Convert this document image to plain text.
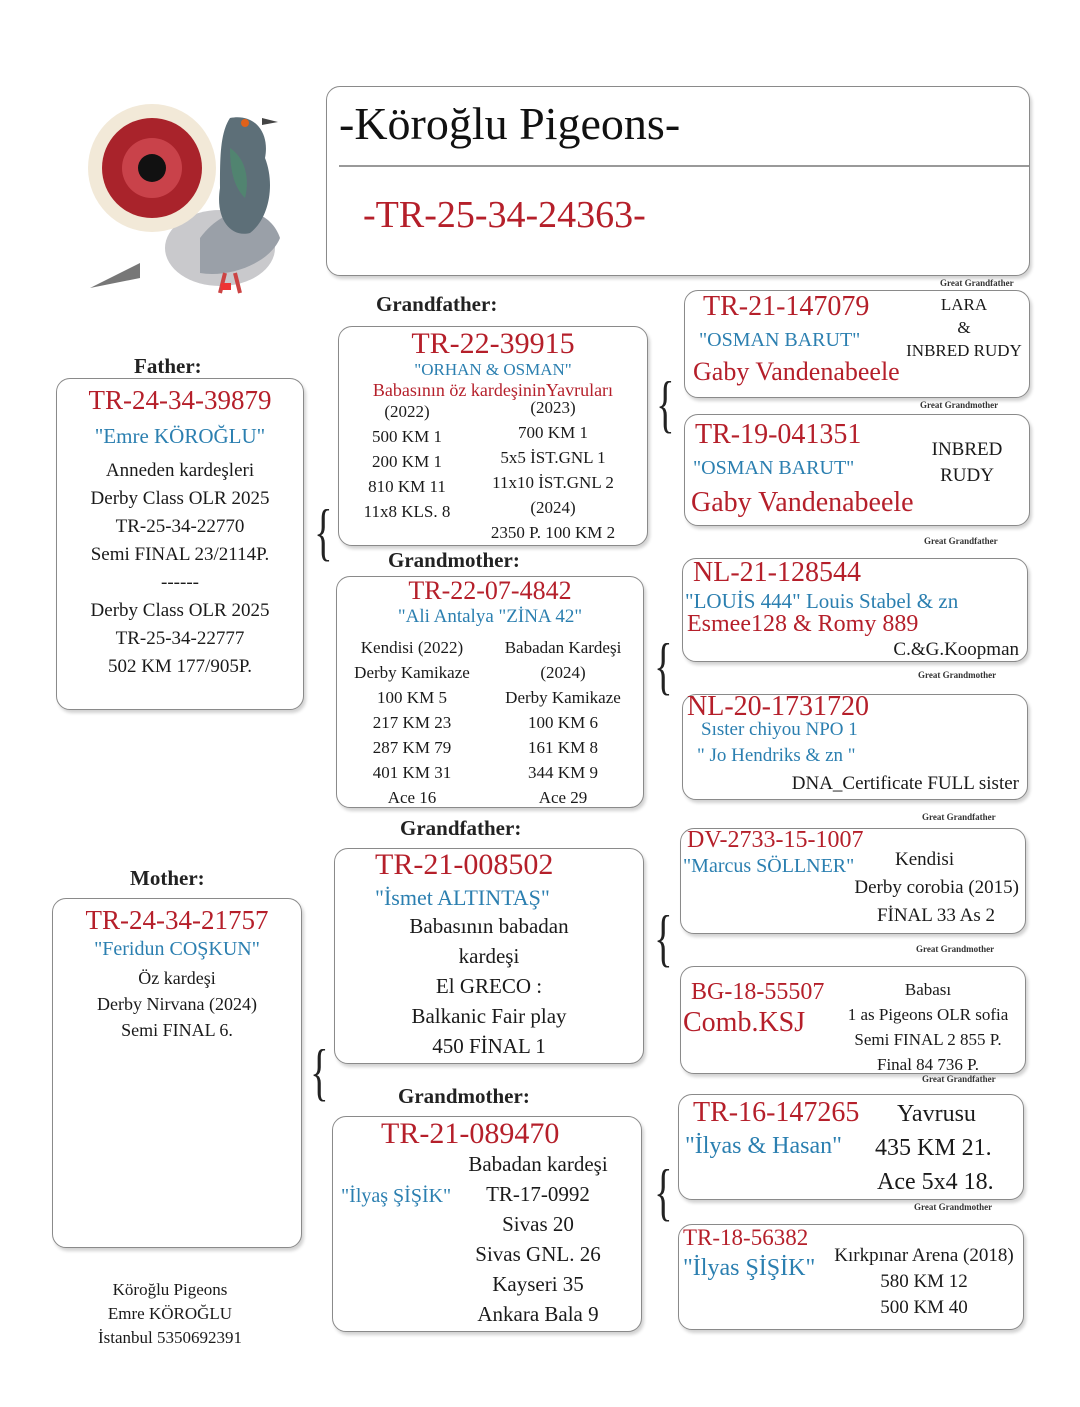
-Köroğlu Pigeons-
-TR-25-34-24363-
Father:
TR-24-34-39879
"Emre KÖROĞLU"
Anneden kardeşleri
Derby Class OLR 2025
TR-25-34-22770
Semi FINAL 23/2114P.
------
Derby Class OLR 2025
TR-25-34-22777
502 KM 177/905P.
Mother:
TR-24-34-21757
"Feridun COŞKUN"
Öz kardeşi
Derby Nirvana (2024)
Semi FINAL 6.
{
{
Grandfather:
TR-22-39915
"ORHAN & OSMAN"
Babasının öz kardeşininYavruları
(2022)
500 KM 1
200 KM 1
810 KM 11
11x8 KLS. 8
(2023)
700 KM 1
5x5 İST.GNL 1
11x10 İST.GNL 2
(2024)
2350 P. 100 KM 2
Grandmother:
TR-22-07-4842
"Ali Antalya "ZİNA 42"
Kendisi (2022)
Derby Kamikaze
100 KM 5
217 KM 23
287 KM 79
401 KM 31
Ace 16
Babadan Kardeşi
(2024)
Derby Kamikaze
100 KM 6
161 KM 8
344 KM 9
Ace 29
Grandfather:
TR-21-008502
"İsmet ALTINTAŞ"
Babasının babadan
kardeşi
El GRECO :
Balkanic Fair play
450 FİNAL 1
Grandmother:
TR-21-089470
"İlyaş ŞİŞİK"
Babadan kardeşi
TR-17-0992
Sivas 20
Sivas GNL. 26
Kayseri 35
Ankara Bala 9
{
{
{
{
Great Grandfather
TR-21-147079
"OSMAN BARUT"
Gaby Vandenabeele
LARA
&
INBRED RUDY
Great Grandmother
TR-19-041351
"OSMAN BARUT"
Gaby Vandenabeele
INBRED
RUDY
Great Grandfather
NL-21-128544
"LOUİS 444" Louis Stabel & zn
Esmee128 & Romy 889
C.&G.Koopman
Great Grandmother
NL-20-1731720
Sıster chiyou NPO 1
" Jo Hendriks & zn "
DNA_Certificate FULL sister
Great Grandfather
DV-2733-15-1007
"Marcus SÖLLNER" Kendisi
Derby corobia (2015)
FİNAL 33 As 2
Great Grandmother
BG-18-55507
Comb.KSJ
Babası
1 as Pigeons OLR sofia
Semi FINAL 2 855 P.
Final 84 736 P.
Great Grandfather
TR-16-147265
"İlyas & Hasan"
Yavrusu
435 KM 21.
Ace 5x4 18.
Great Grandmother
TR-18-56382
"İlyas ŞİŞİK"	Kırkpınar Arena (2018)
580 KM 12
500 KM 40
Köroğlu Pigeons
Emre KÖROĞLU
İstanbul 5350692391
